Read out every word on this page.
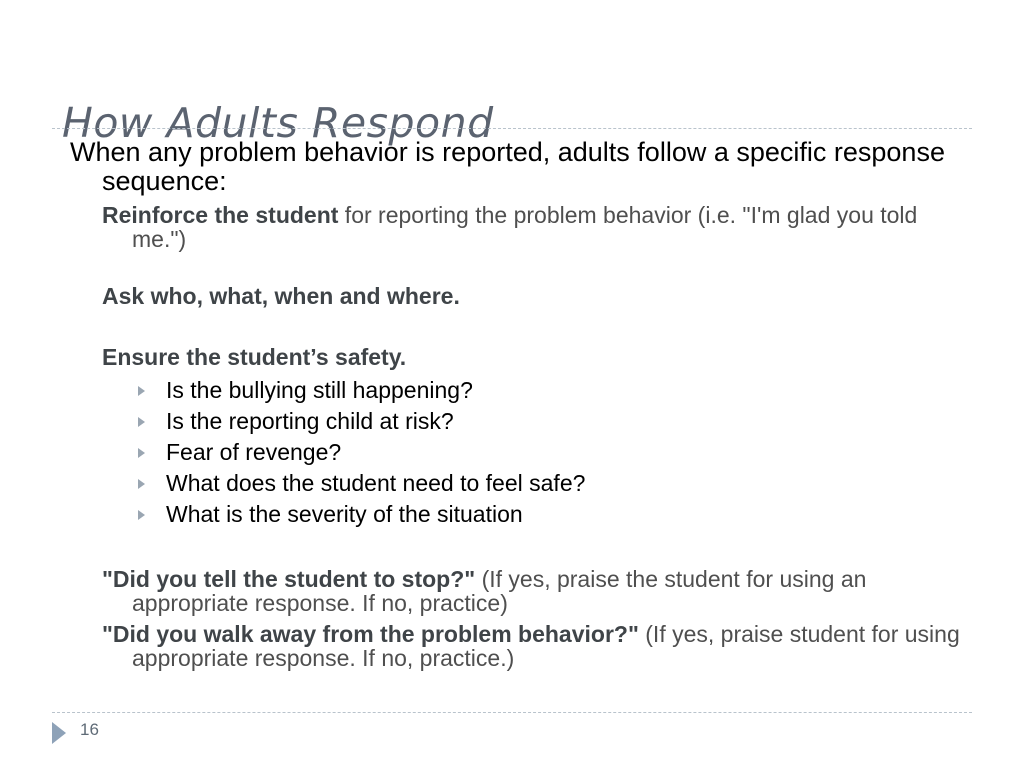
How Adults Respond

When any problem behavior is reported, adults follow a specific response sequence:

Reinforce the student for reporting the problem behavior (i.e. "I'm glad you told me.")

Ask who, what, when and where.

Ensure the student’s safety.

Is the bullying still happening?
Is the reporting child at risk?
Fear of revenge?
What does the student need to feel safe?
What is the severity of the situation

"Did you tell the student to stop?" (If yes, praise the student for using an appropriate response. If no, practice)

"Did you walk away from the problem behavior?" (If yes, praise student for using appropriate response. If no, practice.)

16
